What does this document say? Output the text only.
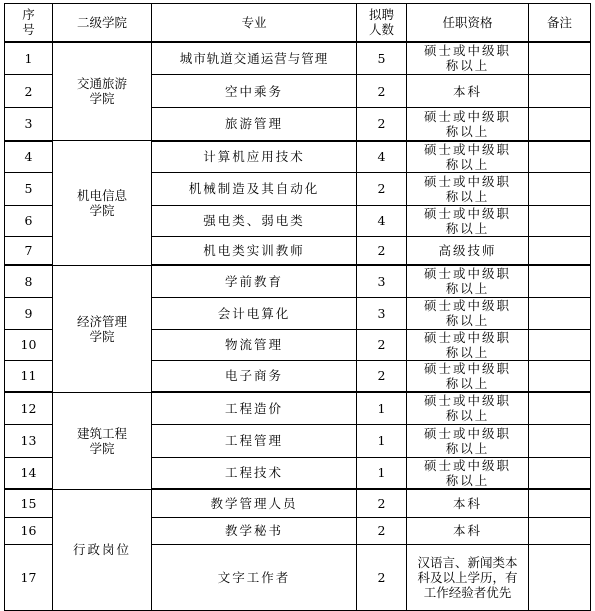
序号	二级学院	专业	拟聘人数	任职资格	备注
1	交通旅游学院	城市轨道交通运营与管理	5	硕士或中级职称以上	
2		空中乘务	2	本科	
3		旅游管理	2	硕士或中级职称以上	
4	机电信息学院	计算机应用技术	4	硕士或中级职称以上	
5		机械制造及其自动化	2	硕士或中级职称以上	
6		强电类、弱电类	4	硕士或中级职称以上	
7		机电类实训教师	2	高级技师	
8	经济管理学院	学前教育	3	硕士或中级职称以上	
9		会计电算化	3	硕士或中级职称以上	
10		物流管理	2	硕士或中级职称以上	
11		电子商务	2	硕士或中级职称以上	
12	建筑工程学院	工程造价	1	硕士或中级职称以上	
13		工程管理	1	硕士或中级职称以上	
14		工程技术	1	硕士或中级职称以上	
15	行政岗位	教学管理人员	2	本科	
16		教学秘书	2	本科	
17		文字工作者	2	汉语言、新闻类本科及以上学历，有工作经验者优先	
